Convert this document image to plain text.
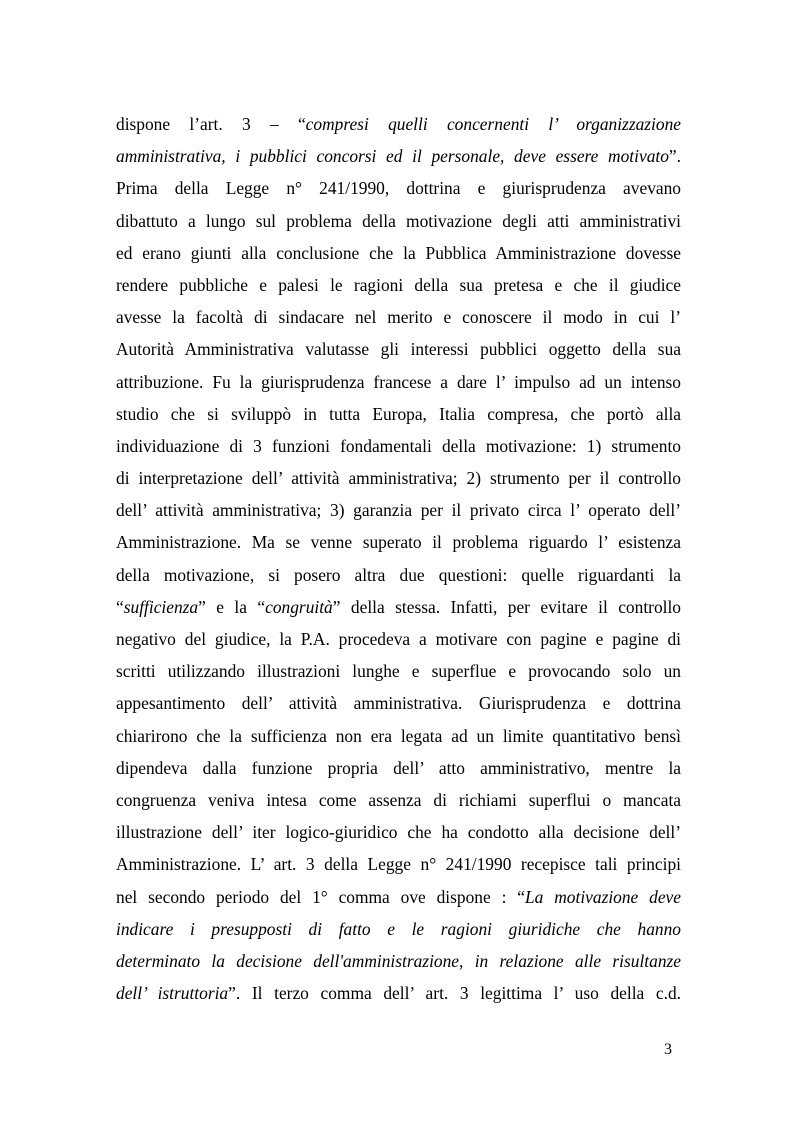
dispone l’art. 3 – “compresi quelli concernenti l’ organizzazione
amministrativa, i pubblici concorsi ed il personale, deve essere motivato”.
Prima della Legge n° 241/1990, dottrina e giurisprudenza avevano
dibattuto a lungo sul problema della motivazione degli atti amministrativi
ed erano giunti alla conclusione che la Pubblica Amministrazione dovesse
rendere pubbliche e palesi le ragioni della sua pretesa e che il giudice
avesse la facoltà di sindacare nel merito e conoscere il modo in cui l’
Autorità Amministrativa valutasse gli interessi pubblici oggetto della sua
attribuzione. Fu la giurisprudenza francese a dare l’ impulso ad un intenso
studio che si sviluppò in tutta Europa, Italia compresa, che portò alla
individuazione di 3 funzioni fondamentali della motivazione: 1) strumento
di interpretazione dell’ attività amministrativa; 2) strumento per il controllo
dell’ attività amministrativa; 3) garanzia per il privato circa l’ operato dell’
Amministrazione. Ma se venne superato il problema riguardo l’ esistenza
della motivazione, si posero altra due questioni: quelle riguardanti la
“sufficienza” e la “congruità” della stessa. Infatti, per evitare il controllo
negativo del giudice, la P.A. procedeva a motivare con pagine e pagine di
scritti utilizzando illustrazioni lunghe e superflue e provocando solo un
appesantimento dell’ attività amministrativa. Giurisprudenza e dottrina
chiarirono che la sufficienza non era legata ad un limite quantitativo bensì
dipendeva dalla funzione propria dell’ atto amministrativo, mentre la
congruenza veniva intesa come assenza di richiami superflui o mancata
illustrazione dell’ iter logico-giuridico che ha condotto alla decisione dell’
Amministrazione. L’ art. 3 della Legge n° 241/1990 recepisce tali principi
nel secondo periodo del 1° comma ove dispone : “La motivazione deve
indicare i presupposti di fatto e le ragioni giuridiche che hanno
determinato la decisione dell'amministrazione, in relazione alle risultanze
dell’ istruttoria”. Il terzo comma dell’ art. 3 legittima l’ uso della c.d.
3
